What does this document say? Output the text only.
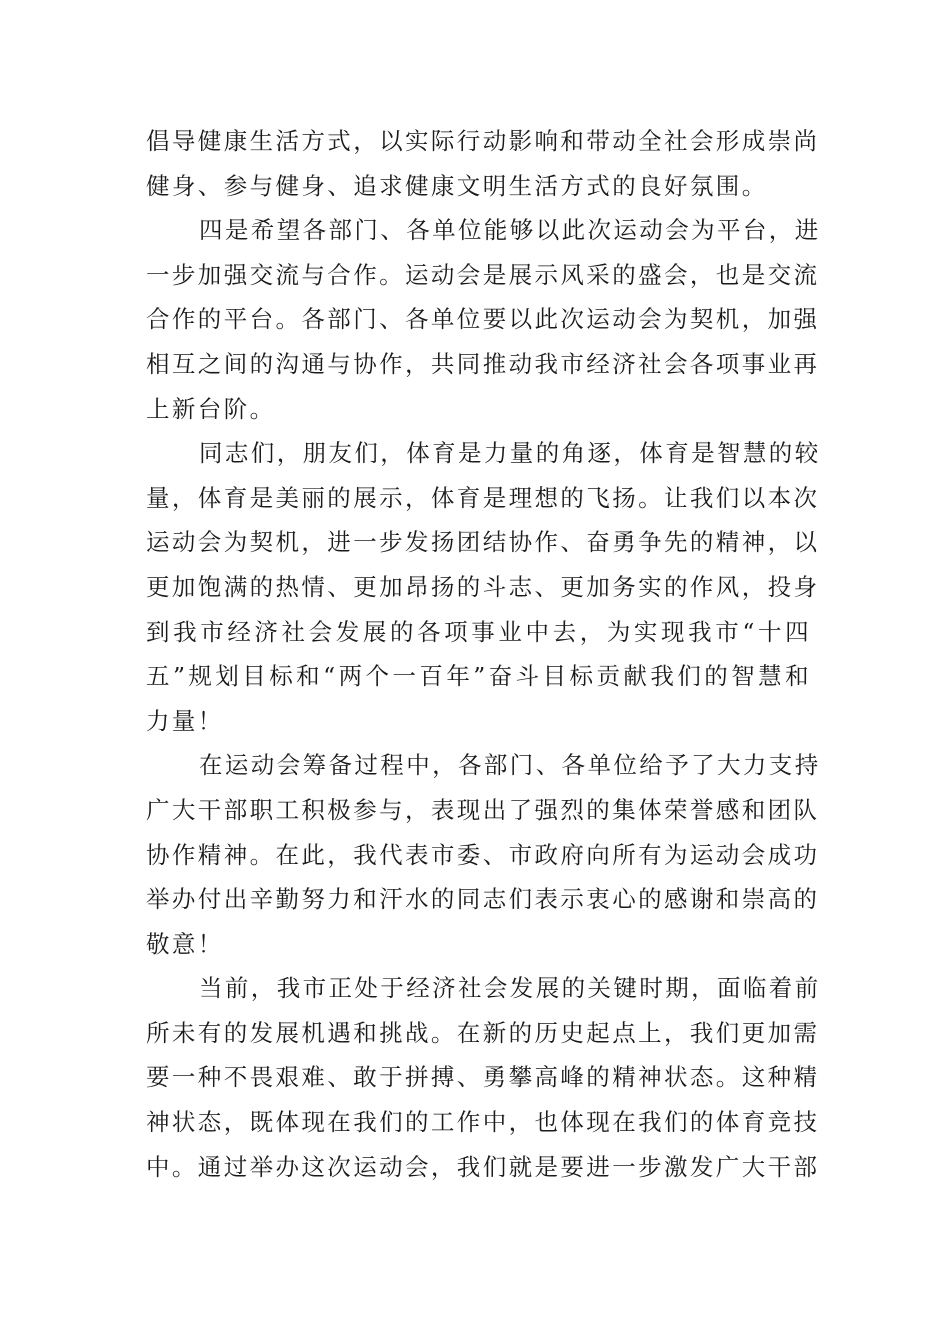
倡导健康生活方式，以实际行动影响和带动全社会形成崇尚
健身、参与健身、追求健康文明生活方式的良好氛围。
四是希望各部门、各单位能够以此次运动会为平台，进
一步加强交流与合作。运动会是展示风采的盛会，也是交流
合作的平台。各部门、各单位要以此次运动会为契机，加强
相互之间的沟通与协作，共同推动我市经济社会各项事业再
上新台阶。
同志们，朋友们，体育是力量的角逐，体育是智慧的较
量，体育是美丽的展示，体育是理想的飞扬。让我们以本次
运动会为契机，进一步发扬团结协作、奋勇争先的精神，以
更加饱满的热情、更加昂扬的斗志、更加务实的作风，投身
到我市经济社会发展的各项事业中去，为实现我市“十四
五”规划目标和“两个一百年”奋斗目标贡献我们的智慧和
力量！
在运动会筹备过程中，各部门、各单位给予了大力支持
广大干部职工积极参与，表现出了强烈的集体荣誉感和团队
协作精神。在此，我代表市委、市政府向所有为运动会成功
举办付出辛勤努力和汗水的同志们表示衷心的感谢和崇高的
敬意！
当前，我市正处于经济社会发展的关键时期，面临着前
所未有的发展机遇和挑战。在新的历史起点上，我们更加需
要一种不畏艰难、敢于拼搏、勇攀高峰的精神状态。这种精
神状态，既体现在我们的工作中，也体现在我们的体育竞技
中。通过举办这次运动会，我们就是要进一步激发广大干部
